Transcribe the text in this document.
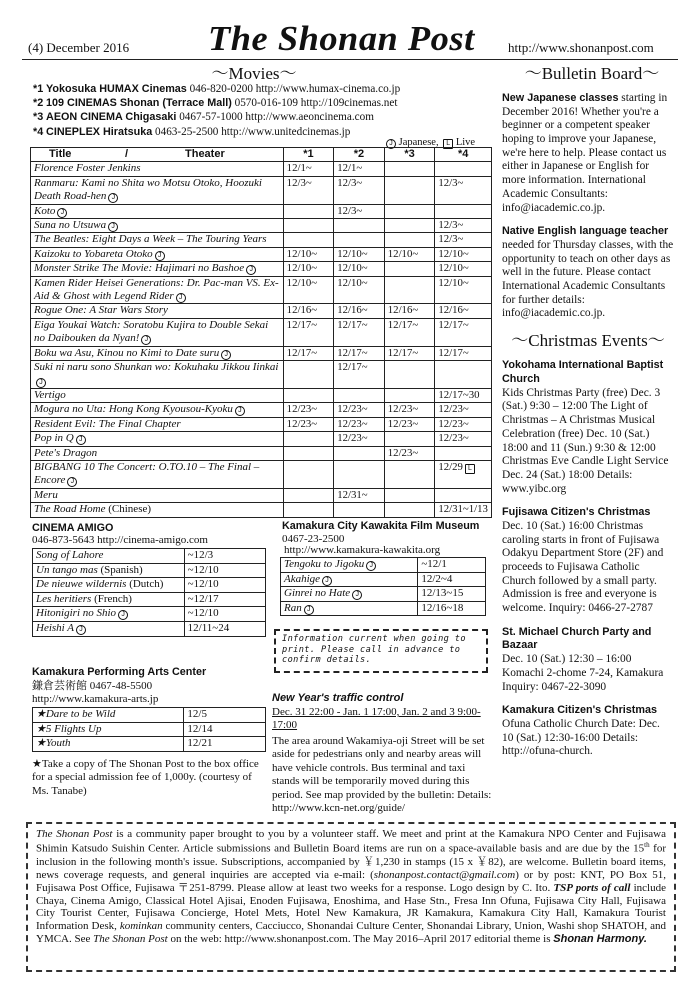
(4) December 2016 The Shonan Post	http://www.shonanpost.com
〜Movies〜
*1 Yokosuka HUMAX Cinemas 046-820-0200 http://www.humax-cinema.co.jp
*2 109 CINEMAS Shonan (Terrace Mall) 0570-016-109 http://109cinemas.net
*3 AEON CINEMA Chigasaki 0467-57-1000 http://www.aeoncinema.com
*4 CINEPLEX Hiratsuka 0463-25-2500 http://www.unitedcinemas.jp
J Japanese, L Live
Title / Theater	*1	*2	*3	*4
Florence Foster Jenkins	12/1~	12/1~		
Ranmaru: Kami no Shita wo Motsu Otoko, Hoozuki Death Road-hen J	12/3~	12/3~		12/3~
Koto J		12/3~		
Suna no Utsuwa J				12/3~
The Beatles: Eight Days a Week – The Touring Years				12/3~
Kaizoku to Yobareta Otoko J	12/10~	12/10~	12/10~	12/10~
Monster Strike The Movie: Hajimari no Bashoe J	12/10~	12/10~		12/10~
Kamen Rider Heisei Generations: Dr. Pac-man VS. Ex-Aid & Ghost with Legend Rider J	12/10~	12/10~		12/10~
Rogue One: A Star Wars Story	12/16~	12/16~	12/16~	12/16~
Eiga Youkai Watch: Soratobu Kujira to Double Sekai no Daibouken da Nyan! J	12/17~	12/17~	12/17~	12/17~
Boku wa Asu, Kinou no Kimi to Date suru J	12/17~	12/17~	12/17~	12/17~
Suki ni naru sono Shunkan wo: Kokuhaku Jikkou IinkaiJ		12/17~		
Vertigo				12/17~30
Mogura no Uta: Hong Kong Kyousou-Kyoku J	12/23~	12/23~	12/23~	12/23~
Resident Evil: The Final Chapter	12/23~	12/23~	12/23~	12/23~
Pop in Q J		12/23~		12/23~
Pete's Dragon			12/23~	
BIGBANG 10 The Concert: O.TO.10 – The Final – Encore J				12/29 L
Meru		12/31~		
The Road Home (Chinese)				12/31~1/13
CINEMA AMIGO
046-873-5643 http://cinema-amigo.com
Song of Lahore	~12/3
Un tango mas (Spanish)	~12/10
De nieuwe wildernis (Dutch)	~12/10
Les heritiers (French)	~12/17
Hitonigiri no Shio J	~12/10
Heishi A J	12/11~24
Kamakura Performing Arts Center
鎌倉芸術館 0467-48-5500
http://www.kamakura-arts.jp
★Dare to be Wild	12/5
★5 Flights Up	12/14
★Youth	12/21
★Take a copy of The Shonan Post to the box office for a special admission fee of 1,000y. (courtesy of Ms. Tanabe)
Kamakura City Kawakita Film Museum 0467-23-2500
http://www.kamakura-kawakita.org
Tengoku to Jigoku J	~12/1
Akahige J	12/2~4
Ginrei no Hate J	12/13~15
Ran J	12/16~18
Information current when going to print. Please call in advance to confirm details.
New Year's traffic control
Dec. 31 22:00 - Jan. 1 17:00, Jan. 2 and 3 9:00-17:00
The area around Wakamiya-oji Street will be set aside for pedestrians only and nearby areas will have vehicle controls. Bus terminal and taxi stands will be temporarily moved during this period. See map provided by the bulletin: Details: http://www.kcn-net.org/guide/
〜Bulletin Board〜

New Japanese classes starting in December 2016! Whether you're a beginner or a competent speaker hoping to improve your Japanese, we're here to help. Please contact us either in Japanese or English for more information. International Academic Consultants: info@iacademic.co.jp.

Native English language teacher needed for Thursday classes, with the opportunity to teach on other days as well in the future. Please contact International Academic Consultants for further details: info@iacademic.co.jp.

〜Christmas Events〜

Yokohama International Baptist Church
Kids Christmas Party (free) Dec. 3 (Sat.) 9:30 – 12:00 The Light of Christmas – A Christmas Musical Celebration (free) Dec. 10 (Sat.) 18:00 and 11 (Sun.) 9:30 & 12:00 Christmas Eve Candle Light Service Dec. 24 (Sat.) 18:00 Details: www.yibc.org

Fujisawa Citizen's Christmas
Dec. 10 (Sat.) 16:00 Christmas caroling starts in front of Fujisawa Odakyu Department Store (2F) and proceeds to Fujisawa Catholic Church followed by a small party. Admission is free and everyone is welcome. Inquiry: 0466-27-2787

St. Michael Church Party and Bazaar
Dec. 10 (Sat.) 12:30 – 16:00 Komachi 2-chome 7-24, Kamakura Inquiry: 0467-22-3090

Kamakura Citizen's Christmas
Ofuna Catholic Church Date: Dec. 10 (Sat.) 12:30-16:00 Details: http://ofuna-church.

The Shonan Post is a community paper brought to you by a volunteer staff. We meet and print at the Kamakura NPO Center and Fujisawa Shimin Katsudo Suishin Center. Article submissions and Bulletin Board items are run on a space-available basis and are due by the 15th for inclusion in the following month's issue. Subscriptions, accompanied by ￥1,230 in stamps (15 x ￥82), are welcome. Bulletin board items, news coverage requests, and general inquiries are accepted via e-mail: (shonanpost.contact@gmail.com) or by post: KNT, PO Box 51, Fujisawa Post Office, Fujisawa 〒251-8799. Please allow at least two weeks for a response. Logo design by C. Ito. TSP ports of call include Chaya, Cinema Amigo, Classical Hotel Ajisai, Enoden Fujisawa, Enoshima, and Hase Stn., Fresa Inn Ofuna, Fujisawa City Hall, Fujisawa City Tourist Center, Fujisawa Concierge, Hotel Mets, Hotel New Kamakura, JR Kamakura, Kamakura City Hall, Kamakura Tourist Information Desk, kominkan community centers, Cacciucco, Shonandai Culture Center, Shonandai Library, Union, Washi shop SHATOH, and YMCA. See The Shonan Post on the web: http://www.shonanpost.com. The May 2016–April 2017 editorial theme is Shonan Harmony.
